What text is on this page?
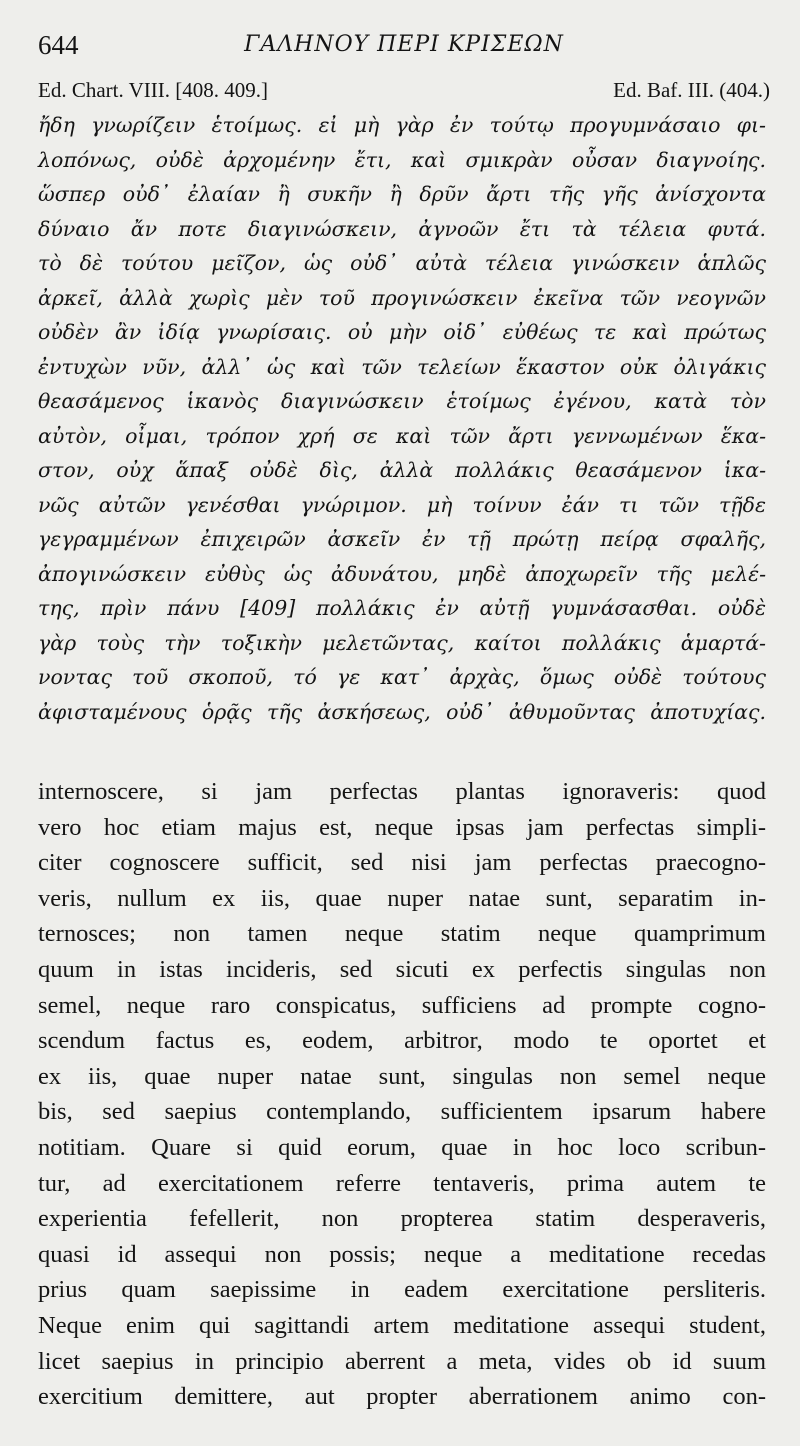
644	ΓΑΛΗΝΟΥ ΠΕΡΙ ΚΡΙΣΕΩΝ
Ed. Chart. VIII. [408. 409.]	Ed. Baf. III. (404.)
ἤδη γνωρίζειν ἑτοίμως. εἰ μὴ γὰρ ἐν τούτῳ προγυμνάσαιο φι-
λοπόνως, οὐδὲ ἀρχομένην ἔτι, καὶ σμικρὰν οὖσαν διαγνοίης.
ὥσπερ οὐδ᾽ ἐλαίαν ἢ συκῆν ἢ δρῦν ἄρτι τῆς γῆς ἀνίσχοντα
δύναιο ἄν ποτε διαγινώσκειν, ἀγνοῶν ἔτι τὰ τέλεια φυτά.
τὸ δὲ τούτου μεῖζον, ὡς οὐδ᾽ αὐτὰ τέλεια γινώσκειν ἁπλῶς
ἀρκεῖ, ἀλλὰ χωρὶς μὲν τοῦ προγινώσκειν ἐκεῖνα τῶν νεογνῶν
οὐδὲν ἂν ἰδίᾳ γνωρίσαις. οὐ μὴν οἰδ᾽ εὐθέως τε καὶ πρώτως
ἐντυχὼν νῦν, ἀλλ᾽ ὡς καὶ τῶν τελείων ἕκαστον οὐκ ὀλιγάκις
θεασάμενος ἱκανὸς διαγινώσκειν ἑτοίμως ἐγένου, κατὰ τὸν
αὐτὸν, οἶμαι, τρόπον χρή σε καὶ τῶν ἄρτι γεννωμένων ἕκα-
στον, οὐχ ἅπαξ οὐδὲ δὶς, ἀλλὰ πολλάκις θεασάμενον ἱκα-
νῶς αὐτῶν γενέσθαι γνώριμον. μὴ τοίνυν ἐάν τι τῶν τῇδε
γεγραμμένων ἐπιχειρῶν ἀσκεῖν ἐν τῇ πρώτῃ πείρᾳ σφαλῆς,
ἀπογινώσκειν εὐθὺς ὡς ἀδυνάτου, μηδὲ ἀποχωρεῖν τῆς μελέ-
της, πρὶν πάνυ [409] πολλάκις ἐν αὐτῇ γυμνάσασθαι. οὐδὲ
γὰρ τοὺς τὴν τοξικὴν μελετῶντας, καίτοι πολλάκις ἁμαρτά-
νοντας τοῦ σκοποῦ, τό γε κατ᾽ ἀρχὰς, ὅμως οὐδὲ τούτους
ἀφισταμένους ὁρᾷς τῆς ἀσκήσεως, οὐδ᾽ ἀθυμοῦντας ἀποτυχίας.
internoscere, si jam perfectas plantas ignoraveris: quod
vero hoc etiam majus est, neque ipsas jam perfectas simpli-
citer cognoscere sufficit, sed nisi jam perfectas praecogno-
veris, nullum ex iis, quae nuper natae sunt, separatim in-
ternosces; non tamen neque statim neque quamprimum
quum in istas incideris, sed sicuti ex perfectis singulas non
semel, neque raro conspicatus, sufficiens ad prompte cogno-
scendum factus es, eodem, arbitror, modo te oportet et
ex iis, quae nuper natae sunt, singulas non semel neque
bis, sed saepius contemplando, sufficientem ipsarum habere
notitiam. Quare si quid eorum, quae in hoc loco scribun-
tur, ad exercitationem referre tentaveris, prima autem te
experientia fefellerit, non propterea statim desperaveris,
quasi id assequi non possis; neque a meditatione recedas
prius quam saepissime in eadem exercitatione persliteris.
Neque enim qui sagittandi artem meditatione assequi student,
licet saepius in principio aberrent a meta, vides ob id suum
exercitium demittere, aut propter aberrationem animo con-
